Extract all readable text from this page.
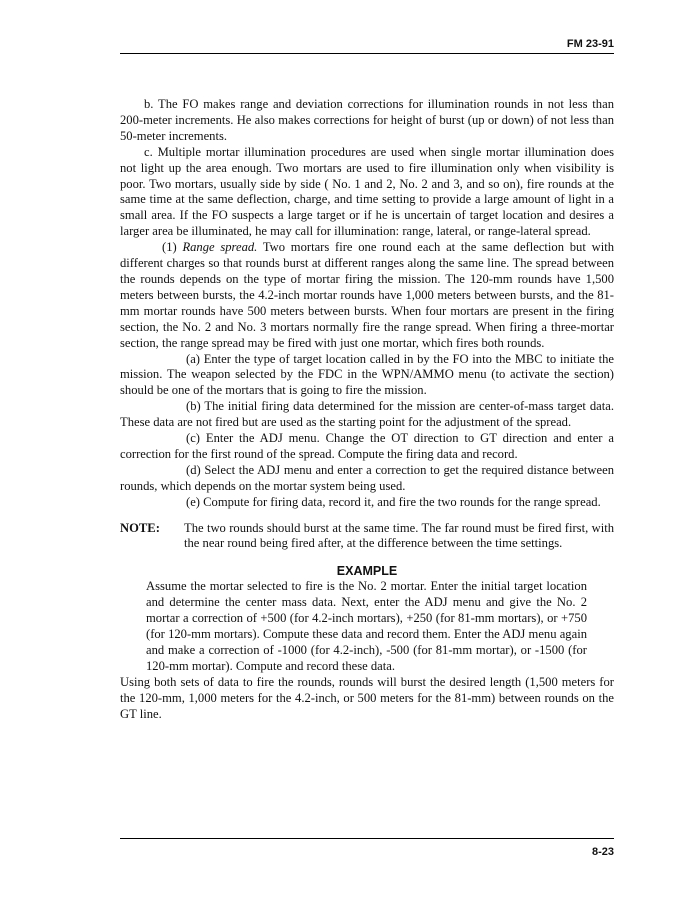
FM 23-91

b. The FO makes range and deviation corrections for illumination rounds in not less than 200-meter increments. He also makes corrections for height of burst (up or down) of not less than 50-meter increments.

c. Multiple mortar illumination procedures are used when single mortar illumination does not light up the area enough. Two mortars are used to fire illumination only when visibility is poor. Two mortars, usually side by side ( No. 1 and 2, No. 2 and 3, and so on), fire rounds at the same time at the same deflection, charge, and time setting to provide a large amount of light in a small area. If the FO suspects a large target or if he is uncertain of target location and desires a larger area be illuminated, he may call for illumination: range, lateral, or range-lateral spread.

(1) Range spread. Two mortars fire one round each at the same deflection but with different charges so that rounds burst at different ranges along the same line. The spread between the rounds depends on the type of mortar firing the mission. The 120-mm rounds have 1,500 meters between bursts, the 4.2-inch mortar rounds have 1,000 meters between bursts, and the 81-mm mortar rounds have 500 meters between bursts. When four mortars are present in the firing section, the No. 2 and No. 3 mortars normally fire the range spread. When firing a three-mortar section, the range spread may be fired with just one mortar, which fires both rounds.

(a) Enter the type of target location called in by the FO into the MBC to initiate the mission. The weapon selected by the FDC in the WPN/AMMO menu (to activate the section) should be one of the mortars that is going to fire the mission.

(b) The initial firing data determined for the mission are center-of-mass target data. These data are not fired but are used as the starting point for the adjustment of the spread.

(c) Enter the ADJ menu. Change the OT direction to GT direction and enter a correction for the first round of the spread. Compute the firing data and record.

(d) Select the ADJ menu and enter a correction to get the required distance between rounds, which depends on the mortar system being used.

(e) Compute for firing data, record it, and fire the two rounds for the range spread.

NOTE:	The two rounds should burst at the same time. The far round must be fired first, with the near round being fired after, at the difference between the time settings.
EXAMPLE

Assume the mortar selected to fire is the No. 2 mortar. Enter the initial target location and determine the center mass data. Next, enter the ADJ menu and give the No. 2 mortar a correction of +500 (for 4.2-inch mortars), +250 (for 81-mm mortars), or +750 (for 120-mm mortars). Compute these data and record them. Enter the ADJ menu again and make a correction of -1000 (for 4.2-inch), -500 (for 81-mm mortar), or -1500 (for 120-mm mortar). Compute and record these data.

Using both sets of data to fire the rounds, rounds will burst the desired length (1,500 meters for the 120-mm, 1,000 meters for the 4.2-inch, or 500 meters for the 81-mm) between rounds on the GT line.

8-23
